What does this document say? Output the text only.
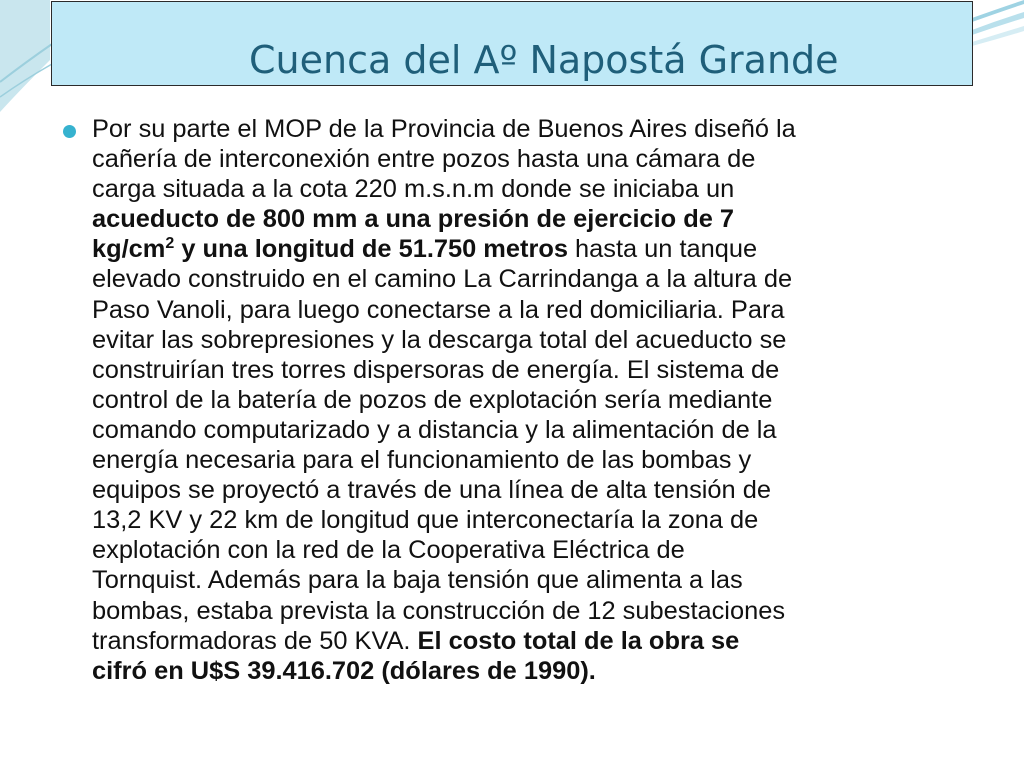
Cuenca del Aº Napostá Grande

Por su parte el MOP de la Provincia de Buenos Aires diseñó la
cañería de interconexión entre pozos hasta una cámara de
carga situada a la cota 220 m.s.n.m donde se iniciaba un
acueducto de 800 mm a una presión de ejercicio de 7
$kg/cm^2$ y una longitud de 51.750 metros hasta un tanque
elevado construido en el camino La Carrindanga a la altura de
Paso Vanoli, para luego conectarse a la red domiciliaria. Para
evitar las sobrepresiones y la descarga total del acueducto se
construirían tres torres dispersoras de energía. El sistema de
control de la batería de pozos de explotación sería mediante
comando computarizado y a distancia y la alimentación de la
energía necesaria para el funcionamiento de las bombas y
equipos se proyectó a través de una línea de alta tensión de
13,2 KV y 22 km de longitud que interconectaría la zona de
explotación con la red de la Cooperativa Eléctrica de
Tornquist. Además para la baja tensión que alimenta a las
bombas, estaba prevista la construcción de 12 subestaciones
transformadoras de 50 KVA. El costo total de la obra se
cifró en U$S 39.416.702 (dólares de 1990).
